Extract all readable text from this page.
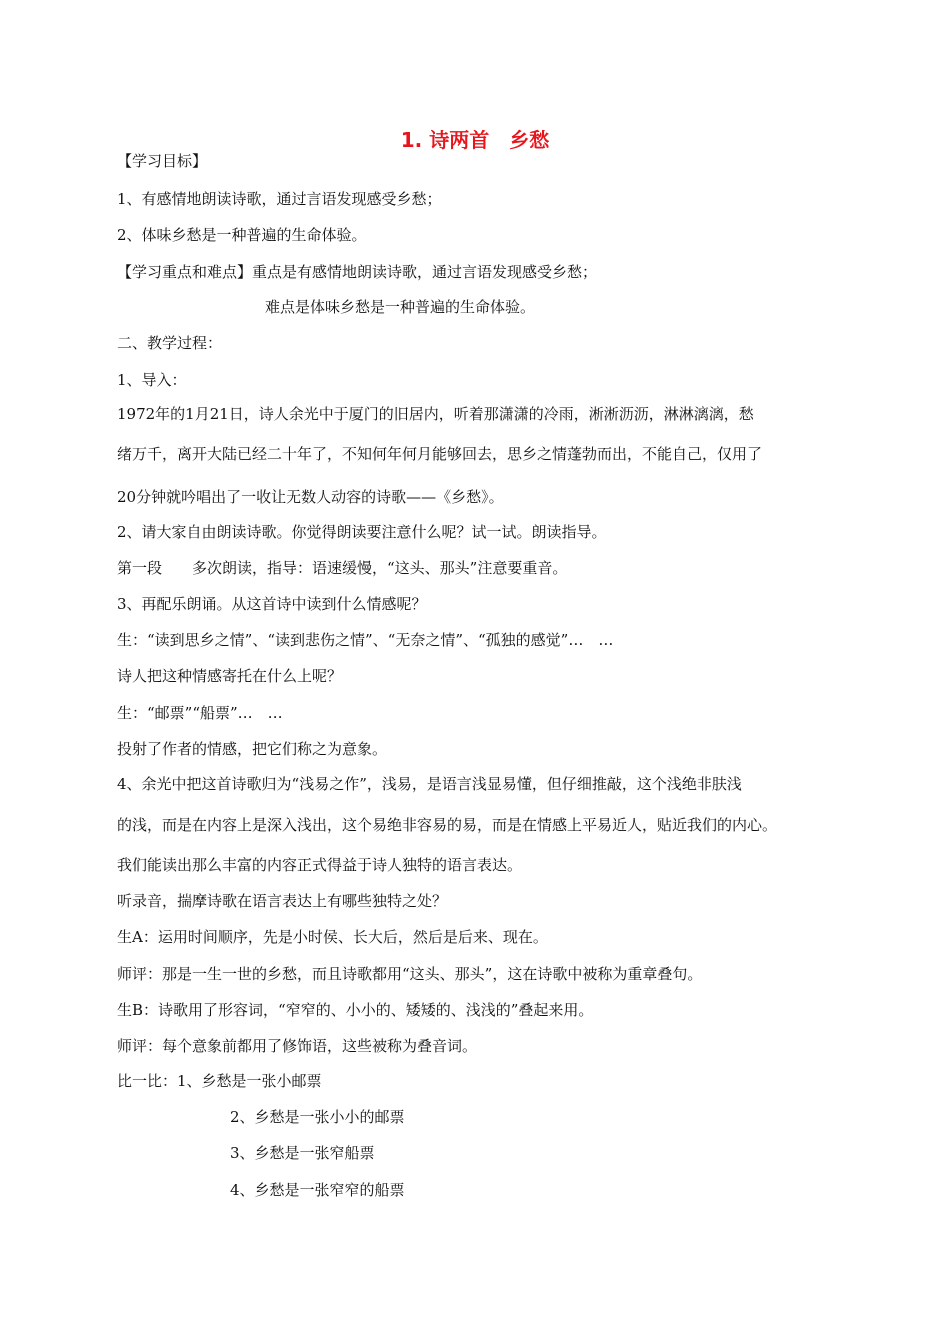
1. 诗两首　乡愁
【学习目标】
1、有感情地朗读诗歌，通过言语发现感受乡愁；
2、体味乡愁是一种普遍的生命体验。
【学习重点和难点】重点是有感情地朗读诗歌，通过言语发现感受乡愁；
难点是体味乡愁是一种普遍的生命体验。
二、教学过程：
1、导入：
1972年的1月21日，诗人余光中于厦门的旧居内，听着那潇潇的冷雨，淅淅沥沥，淋淋漓漓，愁
绪万千，离开大陆已经二十年了，不知何年何月能够回去，思乡之情蓬勃而出，不能自己，仅用了
20分钟就吟唱出了一收让无数人动容的诗歌——《乡愁》。
2、请大家自由朗读诗歌。你觉得朗读要注意什么呢？试一试。朗读指导。
第一段　　多次朗读，指导：语速缓慢，“这头、那头”注意要重音。
3、再配乐朗诵。从这首诗中读到什么情感呢？
生：“读到思乡之情”、“读到悲伤之情”、“无奈之情”、“孤独的感觉”…　…
诗人把这种情感寄托在什么上呢？
生：“邮票”“船票”…　…
投射了作者的情感，把它们称之为意象。
4、余光中把这首诗歌归为“浅易之作”，浅易，是语言浅显易懂，但仔细推敲，这个浅绝非肤浅
的浅，而是在内容上是深入浅出，这个易绝非容易的易，而是在情感上平易近人，贴近我们的内心。
我们能读出那么丰富的内容正式得益于诗人独特的语言表达。
听录音，揣摩诗歌在语言表达上有哪些独特之处？
生A：运用时间顺序，先是小时侯、长大后，然后是后来、现在。
师评：那是一生一世的乡愁，而且诗歌都用“这头、那头”，这在诗歌中被称为重章叠句。
生B：诗歌用了形容词，“窄窄的、小小的、矮矮的、浅浅的”叠起来用。
师评：每个意象前都用了修饰语，这些被称为叠音词。
比一比：1、乡愁是一张小邮票
2、乡愁是一张小小的邮票
3、乡愁是一张窄船票
4、乡愁是一张窄窄的船票
